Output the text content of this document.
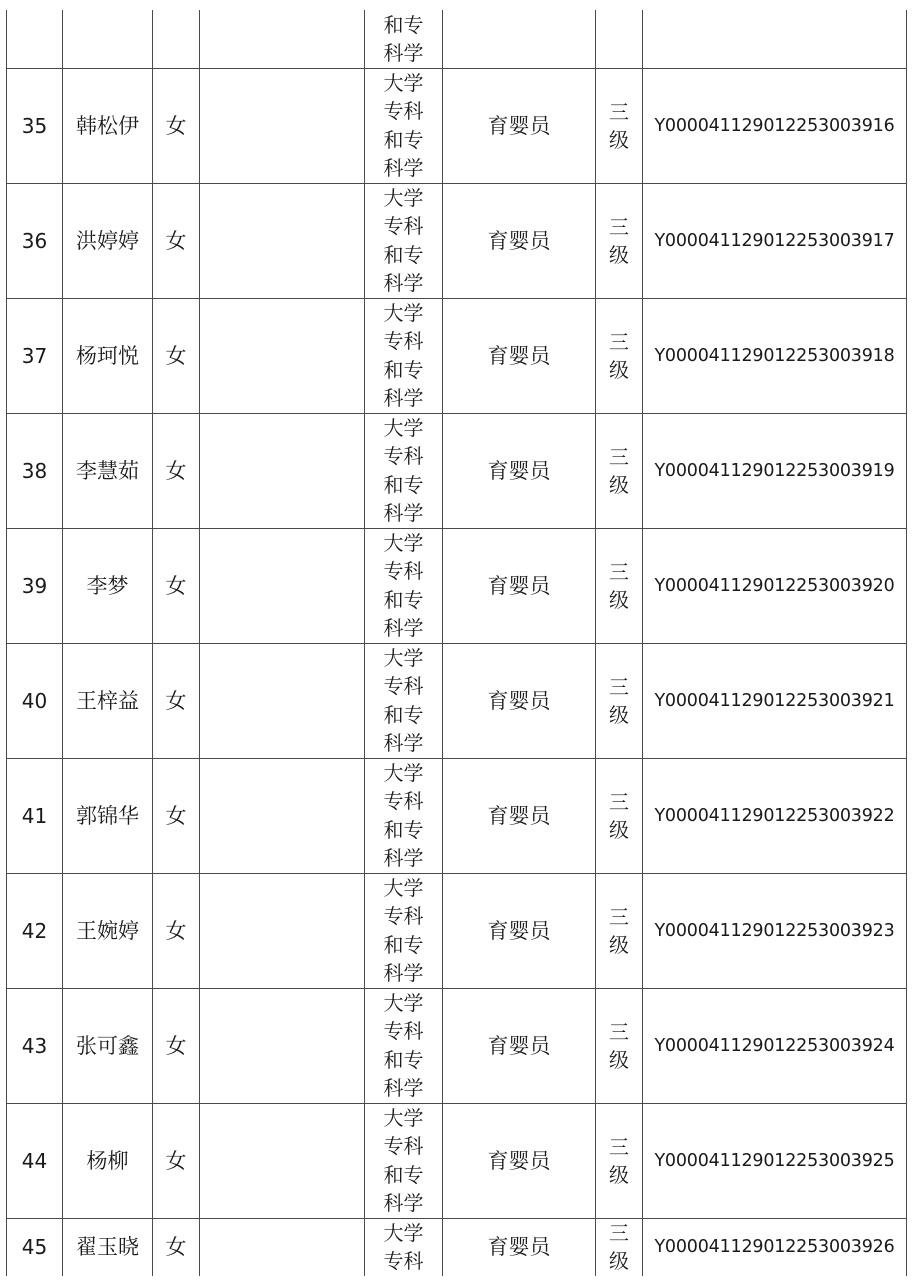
				和专
科学			

35	韩松伊	女		大学
专科
和专
科学	育婴员	三
级	Y000041129012253003916
36	洪婷婷	女		大学
专科
和专
科学	育婴员	三
级	Y000041129012253003917
37	杨珂悦	女		大学
专科
和专
科学	育婴员	三
级	Y000041129012253003918
38	李慧茹	女		大学
专科
和专
科学	育婴员	三
级	Y000041129012253003919
39	李梦	女		大学
专科
和专
科学	育婴员	三
级	Y000041129012253003920
40	王梓益	女		大学
专科
和专
科学	育婴员	三
级	Y000041129012253003921
41	郭锦华	女		大学
专科
和专
科学	育婴员	三
级	Y000041129012253003922
42	王婉婷	女		大学
专科
和专
科学	育婴员	三
级	Y000041129012253003923
43	张可鑫	女		大学
专科
和专
科学	育婴员	三
级	Y000041129012253003924
44	杨柳	女		大学
专科
和专
科学	育婴员	三
级	Y000041129012253003925
45	翟玉晓	女		大学
专科	育婴员	三
级	Y000041129012253003926
